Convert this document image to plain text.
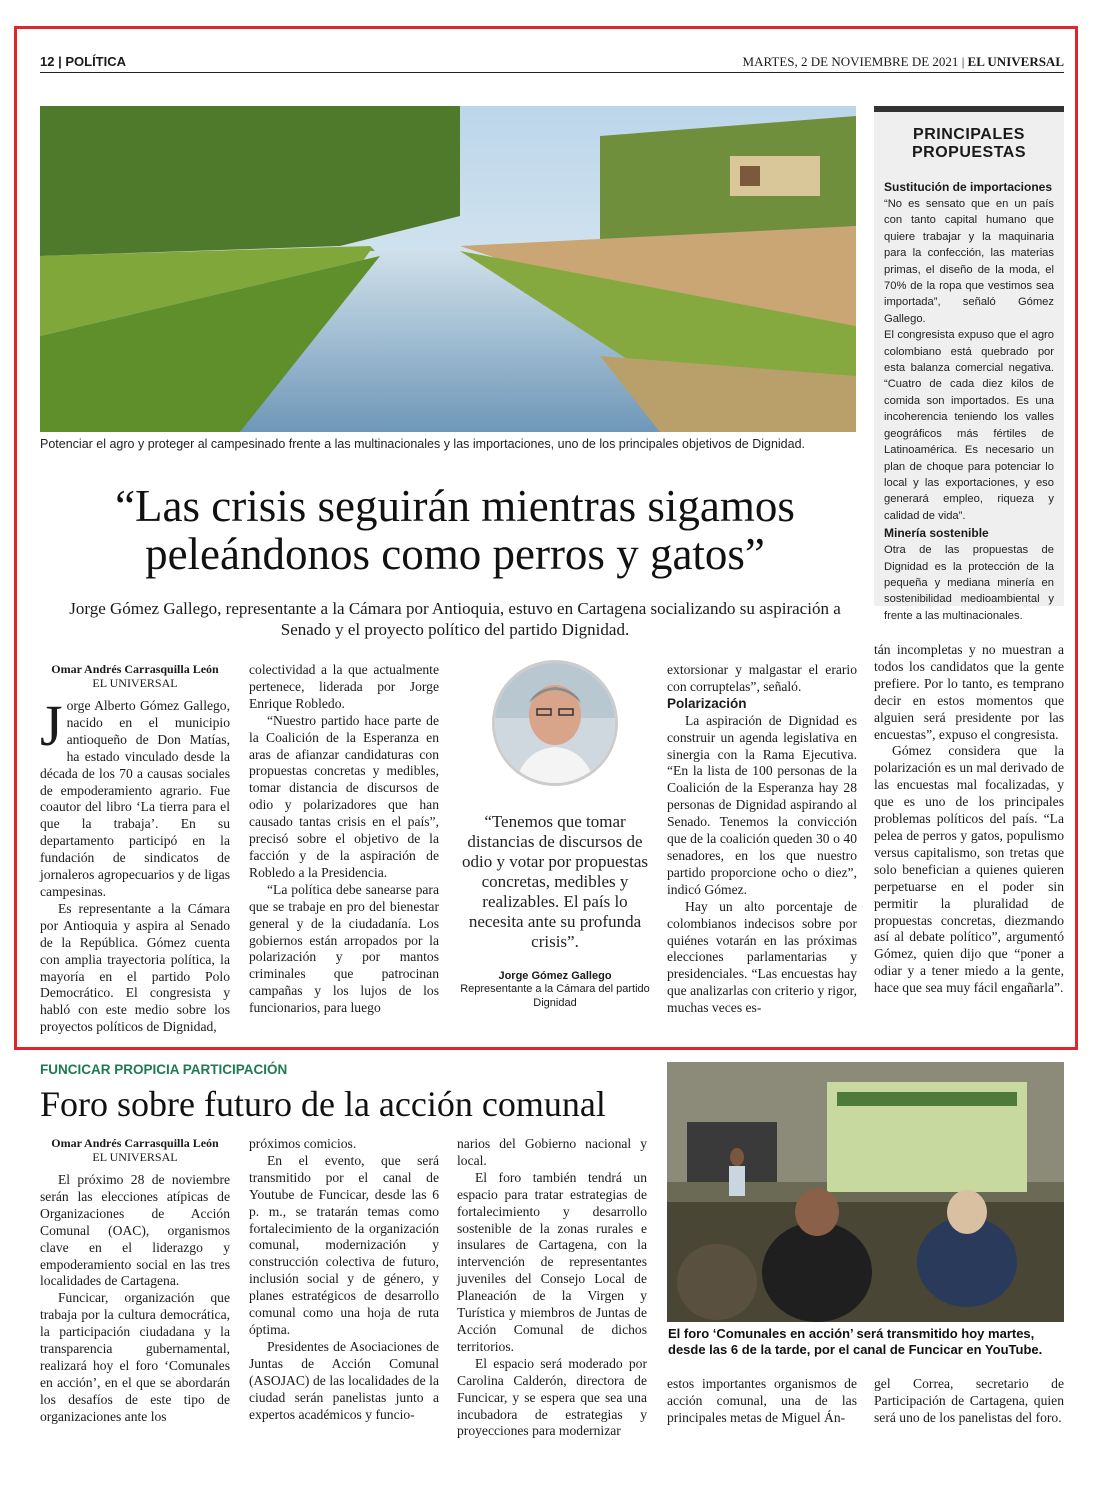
12 | POLÍTICA	MARTES, 2 DE NOVIEMBRE DE 2021 | EL UNIVERSAL
Potenciar el agro y proteger al campesinado frente a las multinacionales y las importaciones, uno de los principales objetivos de Dignidad.
PRINCIPALES
PROPUESTAS
Sustitución de importaciones

“No es sensato que en un país con tanto capital humano que quiere trabajar y la maquinaria para la confección, las materias primas, el diseño de la moda, el 70% de la ropa que vestimos sea importada”, señaló Gómez Gallego.

El congresista expuso que el agro colombiano está quebrado por esta balanza comercial negativa. “Cuatro de cada diez kilos de comida son importados. Es una incoherencia teniendo los valles geográficos más fértiles de Latinoamérica. Es necesario un plan de choque para potenciar lo local y las exportaciones, y eso generará empleo, riqueza y calidad de vida”.

Minería sostenible

Otra de las propuestas de Dignidad es la protección de la pequeña y mediana minería en sostenibilidad medioambiental y frente a las multinacionales.

“Las crisis seguirán mientras sigamos peleándonos como perros y gatos”
Jorge Gómez Gallego, representante a la Cámara por Antioquia, estuvo en Cartagena socializando su aspiración a Senado y el proyecto político del partido Dignidad.
Omar Andrés Carrasquilla León
EL UNIVERSAL

Jorge Alberto Gómez Gallego, nacido en el municipio antioqueño de Don Matías, ha estado vinculado desde la década de los 70 a causas sociales de empoderamiento agrario. Fue coautor del libro ‘La tierra para el que la trabaja’. En su departamento participó en la fundación de sindicatos de jornaleros agropecuarios y de ligas campesinas.

Es representante a la Cámara por Antioquia y aspira al Senado de la República. Gómez cuenta con amplia trayectoria política, la mayoría en el partido Polo Democrático. El congresista y habló con este medio sobre los proyectos políticos de Dignidad,

colectividad a la que actualmente pertenece, liderada por Jorge Enrique Robledo.

“Nuestro partido hace parte de la Coalición de la Esperanza en aras de afianzar candidaturas con propuestas concretas y medibles, tomar distancia de discursos de odio y polarizadores que han causado tantas crisis en el país”, precisó sobre el objetivo de la facción y de la aspiración de Robledo a la Presidencia.

“La política debe sanearse para que se trabaje en pro del bienestar general y de la ciudadanía. Los gobiernos están arropados por la polarización y por mantos criminales que patrocinan campañas y los lujos de los funcionarios, para luego

“Tenemos que tomar distancias de discursos de odio y votar por propuestas concretas, medibles y realizables. El país lo necesita ante su profunda crisis”.
Jorge Gómez Gallego
Representante a la Cámara del partido Dignidad

extorsionar y malgastar el erario con corruptelas”, señaló.

Polarización

La aspiración de Dignidad es construir un agenda legislativa en sinergia con la Rama Ejecutiva. “En la lista de 100 personas de la Coalición de la Esperanza hay 28 personas de Dignidad aspirando al Senado. Tenemos la convicción que de la coalición queden 30 o 40 senadores, en los que nuestro partido proporcione ocho o diez”, indicó Gómez.

Hay un alto porcentaje de colombianos indecisos sobre por quiénes votarán en las próximas elecciones parlamentarias y presidenciales. “Las encuestas hay que analizarlas con criterio y rigor, muchas veces es-

tán incompletas y no muestran a todos los candidatos que la gente prefiere. Por lo tanto, es temprano decir en estos momentos que alguien será presidente por las encuestas”, expuso el congresista.

Gómez considera que la polarización es un mal derivado de las encuestas mal focalizadas, y que es uno de los principales problemas políticos del país. “La pelea de perros y gatos, populismo versus capitalismo, son tretas que solo benefician a quienes quieren perpetuarse en el poder sin permitir la pluralidad de propuestas concretas, diezmando así al debate político”, argumentó Gómez, quien dijo que “poner a odiar y a tener miedo a la gente, hace que sea muy fácil engañarla”.

FUNCICAR PROPICIA PARTICIPACIÓN
Foro sobre futuro de la acción comunal
Omar Andrés Carrasquilla León
EL UNIVERSAL

El próximo 28 de noviembre serán las elecciones atípicas de Organizaciones de Acción Comunal (OAC), organismos clave en el liderazgo y empoderamiento social en las tres localidades de Cartagena.

Funcicar, organización que trabaja por la cultura democrática, la participación ciudadana y la transparencia gubernamental, realizará hoy el foro ‘Comunales en acción’, en el que se abordarán los desafíos de este tipo de organizaciones ante los

próximos comicios.

En el evento, que será transmitido por el canal de Youtube de Funcicar, desde las 6 p. m., se tratarán temas como fortalecimiento de la organización comunal, modernización y construcción colectiva de futuro, inclusión social y de género, y planes estratégicos de desarrollo comunal como una hoja de ruta óptima.

Presidentes de Asociaciones de Juntas de Acción Comunal (ASOJAC) de las localidades de la ciudad serán panelistas junto a expertos académicos y funcio-

narios del Gobierno nacional y local.

El foro también tendrá un espacio para tratar estrategias de fortalecimiento y desarrollo sostenible de la zonas rurales e insulares de Cartagena, con la intervención de representantes juveniles del Consejo Local de Planeación de la Virgen y Turística y miembros de Juntas de Acción Comunal de dichos territorios.

El espacio será moderado por Carolina Calderón, directora de Funcicar, y se espera que sea una incubadora de estrategias y proyecciones para modernizar

El foro ‘Comunales en acción’ será transmitido hoy martes, desde las 6 de la tarde, por el canal de Funcicar en YouTube.

estos importantes organismos de acción comunal, una de las principales metas de Miguel Án-

gel Correa, secretario de Participación de Cartagena, quien será uno de los panelistas del foro.
